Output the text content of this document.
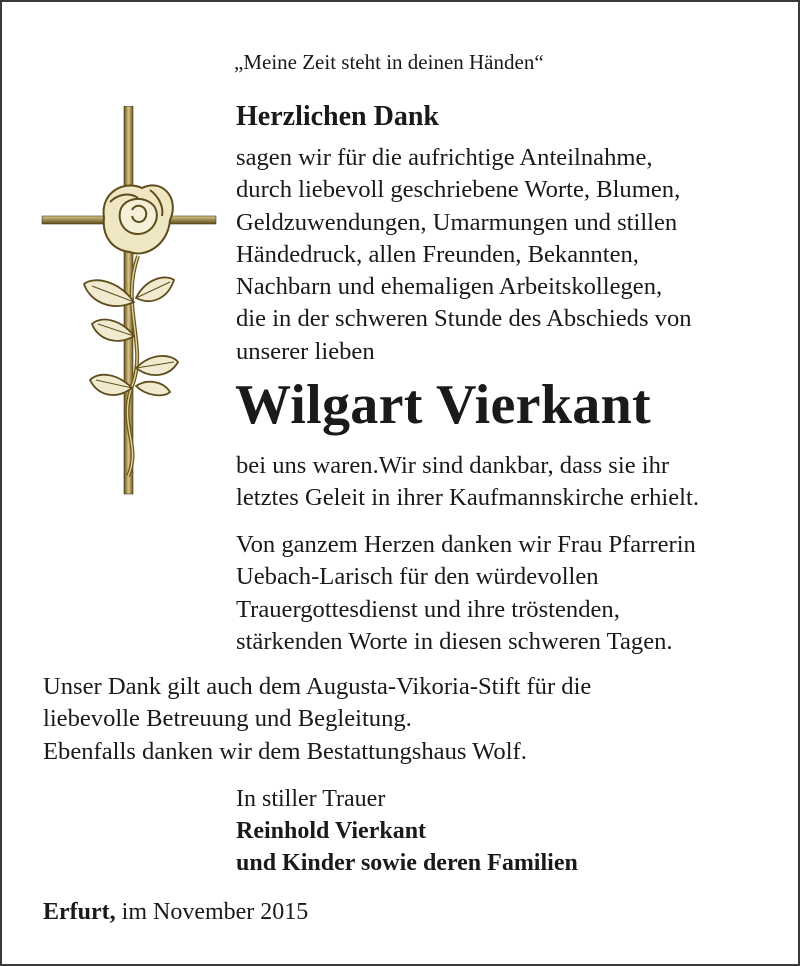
„Meine Zeit steht in deinen Händen“
Herzlichen Dank
sagen wir für die aufrichtige Anteilnahme,
durch liebevoll geschriebene Worte, Blumen,
Geldzuwendungen, Umarmungen und stillen
Händedruck, allen Freunden, Bekannten,
Nachbarn und ehemaligen Arbeitskollegen,
die in der schweren Stunde des Abschieds von
unserer lieben
Wilgart Vierkant
bei uns waren.Wir sind dankbar, dass sie ihr
letztes Geleit in ihrer Kaufmannskirche erhielt.
Von ganzem Herzen danken wir Frau Pfarrerin
Uebach-Larisch für den würdevollen
Trauergottesdienst und ihre tröstenden,
stärkenden Worte in diesen schweren Tagen.
Unser Dank gilt auch dem Augusta-Vikoria-Stift für die
liebevolle Betreuung und Begleitung.
Ebenfalls danken wir dem Bestattungshaus Wolf.
In stiller Trauer
Reinhold Vierkant
und Kinder sowie deren Familien
Erfurt, im November 2015
